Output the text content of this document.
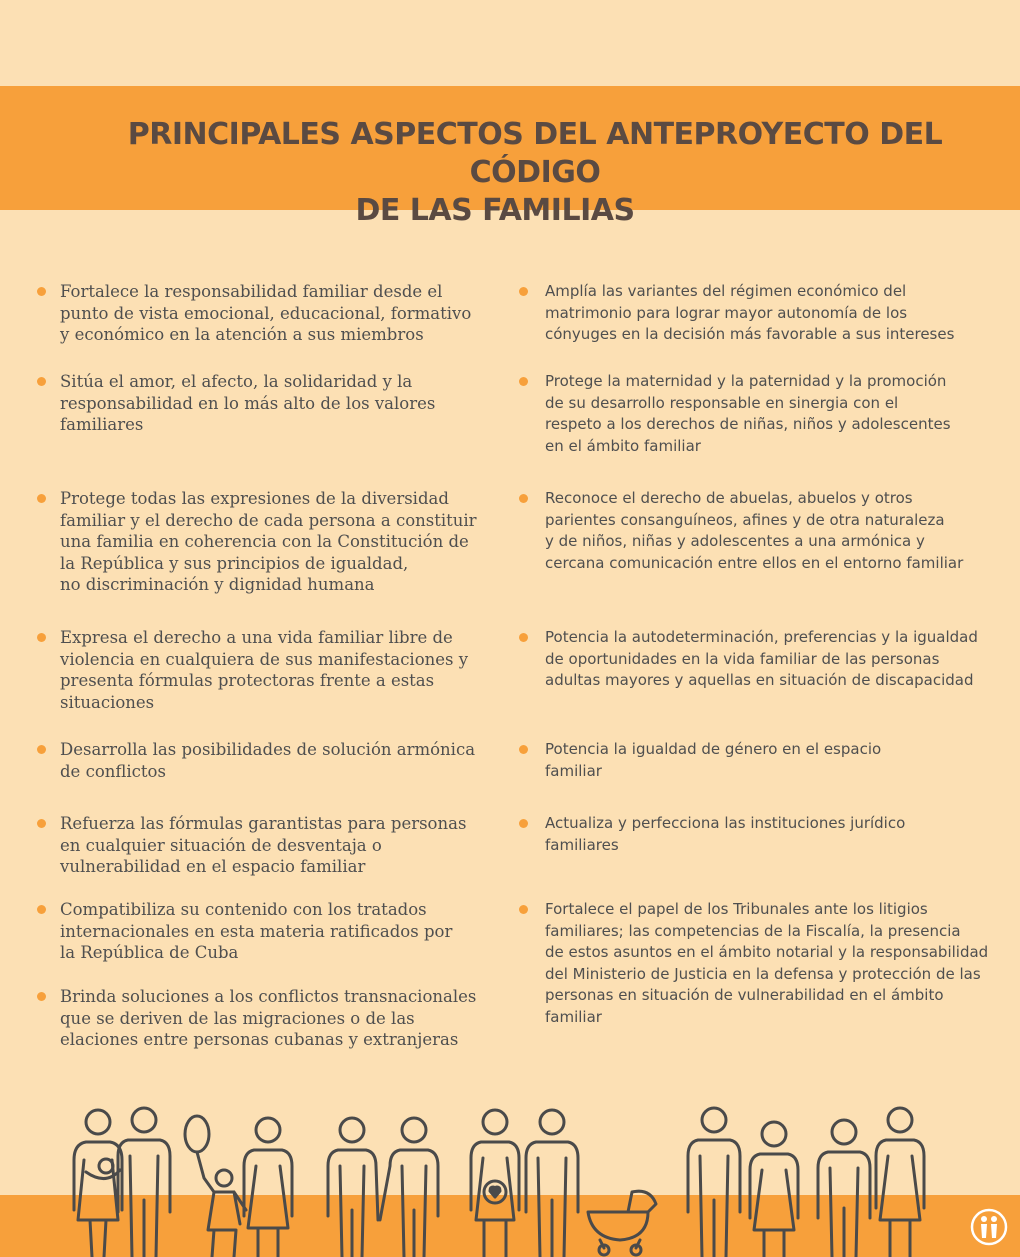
PRINCIPALES ASPECTOS DEL ANTEPROYECTO DEL CÓDIGO
DE LAS FAMILIAS
Fortalece la responsabilidad familiar desde el
punto de vista emocional, educacional, formativo
y económico en la atención a sus miembros
Sitúa el amor, el afecto, la solidaridad y la
responsabilidad en lo más alto de los valores
familiares
Protege todas las expresiones de la diversidad
familiar y el derecho de cada persona a constituir
una familia en coherencia con la Constitución de
la República y sus principios de igualdad,
no discriminación y dignidad humana
Expresa el derecho a una vida familiar libre de
violencia en cualquiera de sus manifestaciones y
presenta fórmulas protectoras frente a estas
situaciones
Desarrolla las posibilidades de solución armónica
de conflictos
Refuerza las fórmulas garantistas para personas
en cualquier situación de desventaja o
vulnerabilidad en el espacio familiar
Compatibiliza su contenido con los tratados
internacionales en esta materia ratificados por
la República de Cuba
Brinda soluciones a los conflictos transnacionales
que se deriven de las migraciones o de las
elaciones entre personas cubanas y extranjeras
Amplía las variantes del régimen económico del
matrimonio para lograr mayor autonomía de los
cónyuges en la decisión más favorable a sus intereses
Protege la maternidad y la paternidad y la promoción
de su desarrollo responsable en sinergia con el
respeto a los derechos de niñas, niños y adolescentes
en el ámbito familiar
Reconoce el derecho de abuelas, abuelos y otros
parientes consanguíneos, afines y de otra naturaleza
y de niños, niñas y adolescentes a una armónica y
cercana comunicación entre ellos en el entorno familiar
Potencia la autodeterminación, preferencias y la igualdad
de oportunidades en la vida familiar de las personas
adultas mayores y aquellas en situación de discapacidad
Potencia la igualdad de género en el espacio
familiar
Actualiza y perfecciona las instituciones jurídico
familiares
Fortalece el papel de los Tribunales ante los litigios
familiares; las competencias de la Fiscalía, la presencia
de estos asuntos en el ámbito notarial y la responsabilidad
del Ministerio de Justicia en la defensa y protección de las
personas en situación de vulnerabilidad en el ámbito
familiar
